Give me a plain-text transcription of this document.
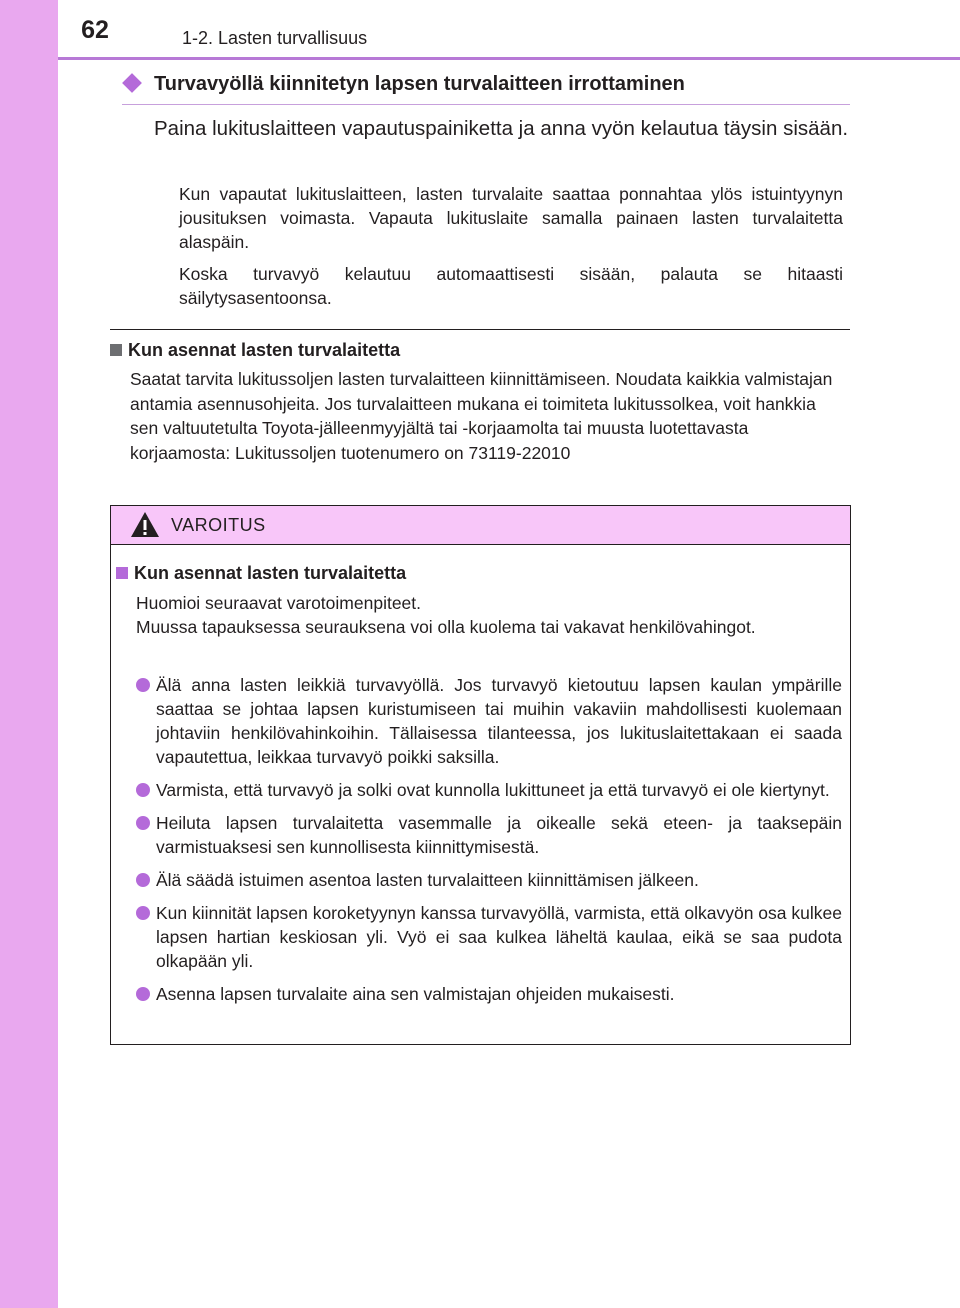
62	1-2. Lasten turvallisuus
Turvavyöllä kiinnitetyn lapsen turvalaitteen irrottaminen
Paina lukituslaitteen vapautuspainiketta ja anna vyön kelautua täysin sisään.
Kun vapautat lukituslaitteen, lasten turvalaite saattaa ponnahtaa ylös istuintyynyn jousituksen voimasta. Vapauta lukituslaite samalla painaen lasten turvalaitetta alaspäin.
Koska turvavyö kelautuu automaattisesti sisään, palauta se hitaasti säilytysasentoonsa.
Kun asennat lasten turvalaitetta
Saatat tarvita lukitussoljen lasten turvalaitteen kiinnittämiseen. Noudata kaikkia valmistajan antamia asennusohjeita. Jos turvalaitteen mukana ei toimiteta lukitussolkea, voit hankkia sen valtuutetulta Toyota-jälleenmyyjältä tai -korjaamolta tai muusta luotettavasta korjaamosta: Lukitussoljen tuotenumero on 73119-22010
VAROITUS
Kun asennat lasten turvalaitetta
Huomioi seuraavat varotoimenpiteet.
Muussa tapauksessa seurauksena voi olla kuolema tai vakavat henkilövahingot.
Älä anna lasten leikkiä turvavyöllä. Jos turvavyö kietoutuu lapsen kaulan ympärille saattaa se johtaa lapsen kuristumiseen tai muihin vakaviin mahdollisesti kuolemaan johtaviin henkilövahinkoihin. Tällaisessa tilanteessa, jos lukituslaitettakaan ei saada vapautettua, leikkaa turvavyö poikki saksilla.
Varmista, että turvavyö ja solki ovat kunnolla lukittuneet ja että turvavyö ei ole kiertynyt.
Heiluta lapsen turvalaitetta vasemmalle ja oikealle sekä eteen- ja taaksepäin varmistuaksesi sen kunnollisesta kiinnittymisestä.
Älä säädä istuimen asentoa lasten turvalaitteen kiinnittämisen jälkeen.
Kun kiinnität lapsen koroketyynyn kanssa turvavyöllä, varmista, että olkavyön osa kulkee lapsen hartian keskiosan yli. Vyö ei saa kulkea läheltä kaulaa, eikä se saa pudota olkapään yli.
Asenna lapsen turvalaite aina sen valmistajan ohjeiden mukaisesti.
